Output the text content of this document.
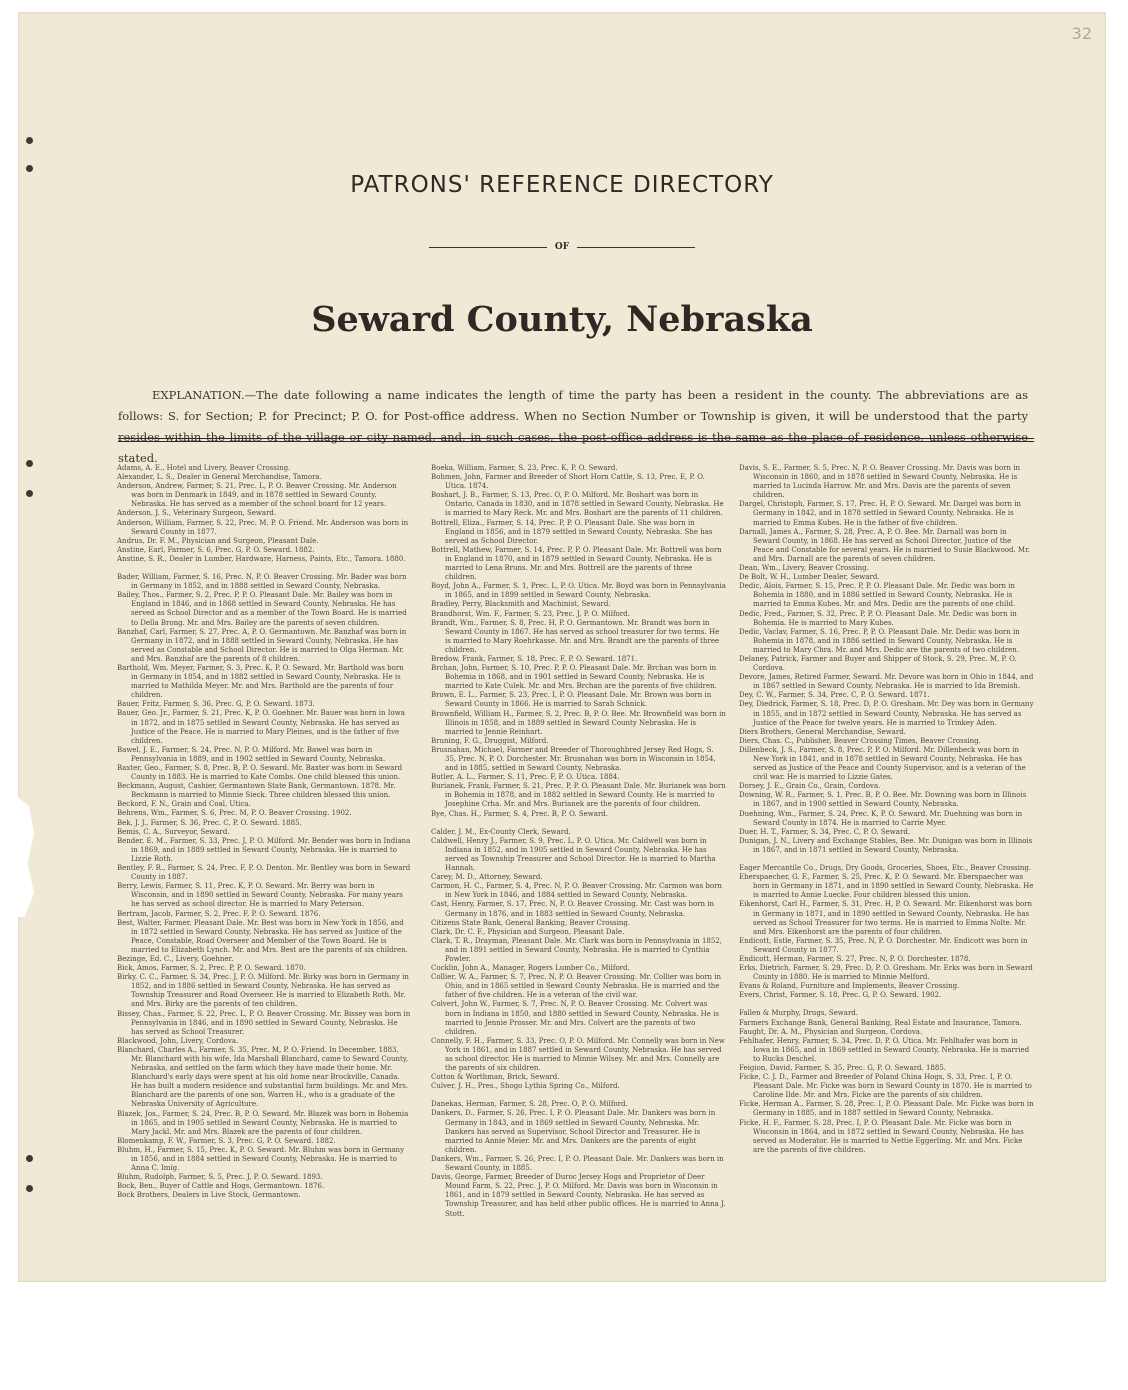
32
PATRONS' REFERENCE DIRECTORY
OF
Seward County, Nebraska
EXPLANATION.—The date following a name indicates the length of time the party has been a resident in the county. The abbreviations are as follows: S. for Section; P. for Precinct; P. O. for Post-office address. When no Section Number or Township is given, it will be understood that the party resides within the limits of the village or city named, and, in such cases, the post-office address is the same as the place of residence, unless otherwise stated.

Adams, A. E., Hotel and Livery, Beaver Crossing.

Alexander, L. S., Dealer in General Merchandise, Tamora.

Anderson, Andrew, Farmer, S. 21, Prec. L, P. O. Beaver Crossing. Mr. Anderson was born in Denmark in 1849, and in 1878 settled in Seward County, Nebraska. He has served as a member of the school board for 12 years.

Anderson, J. S., Veterinary Surgeon, Seward.

Anderson, William, Farmer, S. 22, Prec. M, P. O. Friend. Mr. Anderson was born in Seward County in 1877.

Andrus, Dr. F. M., Physician and Surgeon, Pleasant Dale.

Anstine, Earl, Farmer, S. 6, Prec. G, P. O. Seward. 1882.

Anstine, S. R., Dealer in Lumber, Hardware, Harness, Paints, Etc., Tamora. 1880.

Bader, William, Farmer, S. 16, Prec. N, P. O. Beaver Crossing. Mr. Bader was born in Germany in 1852, and in 1888 settled in Seward County, Nebraska.

Bailey, Thos., Farmer, S. 2, Prec. P, P. O. Pleasant Dale. Mr. Bailey was born in England in 1846, and in 1868 settled in Seward County, Nebraska. He has served as School Director and as a member of the Town Board. He is married to Della Brong. Mr. and Mrs. Bailey are the parents of seven children.

Banzhaf, Carl, Farmer, S. 27, Prec. A, P. O. Germantown. Mr. Banzhaf was born in Germany in 1872, and in 1888 settled in Seward County, Nebraska. He has served as Constable and School Director. He is married to Olga Herman. Mr. and Mrs. Banzhaf are the parents of 8 children.

Barthold, Wm. Meyer, Farmer, S. 3, Prec. K, P. O. Seward. Mr. Barthold was born in Germany in 1854, and in 1882 settled in Seward County, Nebraska. He is married to Mathilda Meyer. Mr. and Mrs. Barthold are the parents of four children.

Bauer, Fritz, Farmer, S. 36, Prec. G, P. O. Seward. 1873.

Bauer, Geo. Jr., Farmer, S. 21, Prec. K, P. O. Goehner. Mr. Bauer was born in Iowa in 1872, and in 1875 settled in Seward County, Nebraska. He has served as Justice of the Peace. He is married to Mary Pleines, and is the father of five children.

Bawel, J. E., Farmer, S. 24, Prec. N, P. O. Milford. Mr. Bawel was born in Pennsylvania in 1889, and in 1902 settled in Seward County, Nebraska.

Baxter, Geo., Farmer, S. 8, Prec. B, P. O. Seward. Mr. Baxter was born in Seward County in 1883. He is married to Kate Combs. One child blessed this union.

Beckmann, August, Cashier, Germantown State Bank, Germantown. 1878. Mr. Beckmann is married to Minnie Sieck. Three children blessed this union.

Beckord, F. N., Grain and Coal, Utica.

Behrens, Wm., Farmer, S. 6, Prec. M, P. O. Beaver Crossing. 1902.

Bek, J. J., Farmer, S. 36, Prec. C, P. O. Seward. 1885.

Bemis, C. A., Surveyor, Seward.

Bender, E. M., Farmer, S. 33, Prec. J, P. O. Milford. Mr. Bender was born in Indiana in 1869, and in 1889 settled in Seward County, Nebraska. He is married to Lizzie Roth.

Bentley, F. R., Farmer, S. 24, Prec. F, P. O. Denton. Mr. Bentley was born in Seward County in 1887.

Berry, Lewis, Farmer, S. 11, Prec. K, P. O. Seward. Mr. Berry was born in Wisconsin, and in 1890 settled in Seward County, Nebraska. For many years he has served as school director. He is married to Mary Peterson.

Bertram, Jacob, Farmer, S. 2, Prec. F, P. O. Seward. 1876.

Best, Walter, Farmer, Pleasant Dale. Mr. Best was born in New York in 1856, and in 1872 settled in Seward County, Nebraska. He has served as Justice of the Peace, Constable, Road Overseer and Member of the Town Board. He is married to Elizabeth Lynch. Mr. and Mrs. Best are the parents of six children.

Bezinge, Ed. C., Livery, Goehner.

Bick, Amos, Farmer, S. 2, Prec. P, P. O. Seward. 1870.

Birky, C. C., Farmer, S. 34, Prec. J, P. O. Milford. Mr. Birky was born in Germany in 1852, and in 1886 settled in Seward County, Nebraska. He has served as Township Treasurer and Road Overseer. He is married to Elizabeth Roth. Mr. and Mrs. Birky are the parents of ten children.

Bissey, Chas., Farmer, S. 22, Prec. L, P. O. Beaver Crossing. Mr. Bissey was born in Pennsylvania in 1846, and in 1890 settled in Seward County, Nebraska. He has served as School Treasurer.

Blackwood, John, Livery, Cordova.

Blanchard, Charles A., Farmer, S. 35, Prec. M, P. O. Friend. In December, 1883, Mr. Blanchard with his wife, Ida Marshall Blanchard, came to Seward County, Nebraska, and settled on the farm which they have made their home. Mr. Blanchard's early days were spent at his old home near Brockville, Canada. He has built a modern residence and substantial farm buildings. Mr. and Mrs. Blanchard are the parents of one son, Warren H., who is a graduate of the Nebraska University of Agriculture.

Blazek, Jos., Farmer, S. 24, Prec. B, P. O. Seward. Mr. Blazek was born in Bohemia in 1865, and in 1905 settled in Seward County, Nebraska. He is married to Mary Jackl. Mr. and Mrs. Blazek are the parents of four children.

Blomenkamp, F. W., Farmer, S. 3, Prec. G, P. O. Seward. 1882.

Bluhm, H., Farmer, S. 15, Prec. K, P. O. Seward. Mr. Bluhm was born in Germany in 1856, and in 1884 settled in Seward County, Nebraska. He is married to Anna C. Imig.

Bluhm, Rudolph, Farmer, S. 5, Prec. J, P. O. Seward. 1893.

Bock, Ben., Buyer of Cattle and Hogs, Germantown. 1876.

Bock Brothers, Dealers in Live Stock, Germantown.

Boeka, William, Farmer, S. 23, Prec. K, P. O. Seward.

Bohmen, John, Farmer and Breeder of Short Horn Cattle, S. 13, Prec. E, P. O. Utica. 1874.

Boshart, J. B., Farmer, S. 13, Prec. O, P. O. Milford. Mr. Boshart was born in Ontario, Canada in 1830, and in 1878 settled in Seward County, Nebraska. He is married to Mary Reck. Mr. and Mrs. Boshart are the parents of 11 children.

Bottrell, Eliza., Farmer, S. 14, Prec. P, P. O. Pleasant Dale. She was born in England in 1856, and in 1879 settled in Seward County, Nebraska. She has served as School Director.

Bottrell, Mathew, Farmer, S. 14, Prec. P, P. O. Pleasant Dale. Mr. Bottrell was born in England in 1870, and in 1879 settled in Seward County, Nebraska. He is married to Lena Bruns. Mr. and Mrs. Bottrell are the parents of three children.

Boyd, John A., Farmer, S. 1, Prec. L, P. O. Utica. Mr. Boyd was born in Pennsylvania in 1865, and in 1899 settled in Seward County, Nebraska.

Bradley, Perry, Blacksmith and Machinist, Seward.

Brandhorst, Wm. F., Farmer, S. 23, Prec. J, P. O. Milford.

Brandt, Wm., Farmer, S. 8, Prec. H, P. O. Germantown. Mr. Brandt was born in Seward County in 1867. He has served as school treasurer for two terms. He is married to Mary Roehrkasse. Mr. and Mrs. Brandt are the parents of three children.

Bredow, Frank, Farmer, S. 18, Prec. F, P. O. Seward. 1871.

Brchan, John, Farmer, S. 10, Prec. P, P. O. Pleasant Dale. Mr. Brchan was born in Bohemia in 1868, and in 1901 settled in Seward County, Nebraska. He is married to Kate Culek. Mr. and Mrs. Brchan are the parents of five children.

Brown, E. L., Farmer, S. 23, Prec. I, P. O. Pleasant Dale. Mr. Brown was born in Seward County in 1866. He is married to Sarah Schnick.

Brownfield, William H., Farmer, S. 2, Prec. B, P. O. Bee. Mr. Brownfield was born in Illinois in 1858, and in 1889 settled in Seward County Nebraska. He is married to Jennie Reinhart.

Bruning, F. G., Druggist, Milford.

Brusnahan, Michael, Farmer and Breeder of Thoroughbred Jersey Red Hogs, S. 35, Prec. N, P. O. Dorchester. Mr. Brusnahan was born in Wisconsin in 1854, and in 1885, settled in Seward County, Nebraska.

Butler, A. L., Farmer, S. 11, Prec. F, P. O. Utica. 1884.

Burianek, Frank, Farmer, S. 21, Prec. P, P. O. Pleasant Dale. Mr. Burianek was born in Bohemia in 1878, and in 1882 settled in Seward County. He is married to Josephine Crha. Mr. and Mrs. Burianek are the parents of four children.

Bye, Chas. H., Farmer, S. 4, Prec. B, P. O. Seward.

Calder, J. M., Ex-County Clerk, Seward.

Caldwell, Henry J., Farmer, S. 9, Prec. L, P. O. Utica. Mr. Caldwell was born in Indiana in 1852, and in 1905 settled in Seward County, Nebraska. He has served as Township Treasurer and School Director. He is married to Martha Hannah.

Carey, M. D., Attorney, Seward.

Carmon, H. C., Farmer, S. 4, Prec. N, P. O. Beaver Crossing. Mr. Carmon was born in New York in 1846, and 1884 settled in Seward County, Nebraska.

Cast, Henry, Farmer, S. 17, Prec. N, P. O. Beaver Crossing. Mr. Cast was born in Germany in 1876, and in 1883 settled in Seward County, Nebraska.

Citizens State Bank, General Banking, Beaver Crossing.

Clark, Dr. C. F., Physician and Surgeon, Pleasant Dale.

Clark, T. R., Drayman, Pleasant Dale. Mr. Clark was born in Pennsylvania in 1852, and in 1891 settled in Seward County, Nebraska. He is married to Cynthia Powler.

Cocklin, John A., Manager, Rogers Lumber Co., Milford.

Collier, W. A., Farmer, S. 7, Prec. N, P. O. Beaver Crossing. Mr. Collier was born in Ohio, and in 1865 settled in Seward County Nebraska. He is married and the father of five children. He is a veteran of the civil war.

Colvert, John W., Farmer, S. 7, Prec. N, P. O. Beaver Crossing. Mr. Colvert was born in Indiana in 1850, and 1880 settled in Seward County, Nebraska. He is married to Jennie Prosser. Mr. and Mrs. Colvert are the parents of two children.

Connelly, F. H., Farmer, S. 33, Prec. O, P. O. Milford. Mr. Connelly was born in New York in 1861, and in 1887 settled in Seward County, Nebraska. He has served as school director. He is married to Minnie Wilsey. Mr. and Mrs. Connelly are the parents of six children.

Cotton & Worthman, Brick, Seward.

Culver, J. H., Pres., Shogo Lythia Spring Co., Milford.

Danekas, Herman, Farmer, S. 28, Prec. O, P. O. Milford.

Dankers, D., Farmer, S. 26, Prec. I, P. O. Pleasant Dale. Mr. Dankers was born in Germany in 1843, and in 1869 settled in Seward County, Nebraska. Mr. Dankers has served as Supervisor, School Director and Treasurer. He is married to Annie Meier. Mr. and Mrs. Dankers are the parents of eight children.

Dankers, Wm., Farmer, S. 26, Prec. I, P. O. Pleasant Dale. Mr. Dankers was born in Seward County, in 1885.

Davis, George, Farmer, Breeder of Duroc Jersey Hogs and Proprietor of Deer Mound Farm, S. 22, Prec. J, P. O. Milford. Mr. Davis was born in Wisconsin in 1861, and in 1879 settled in Seward County, Nebraska. He has served as Township Treasurer, and has held other public offices. He is married to Anna J. Stott.

Davis, S. E., Farmer, S. 5, Prec. N, P. O. Beaver Crossing. Mr. Davis was born in Wisconsin in 1860, and in 1878 settled in Seward County, Nebraska. He is married to Lucinda Harrow. Mr. and Mrs. Davis are the parents of seven children.

Dargel, Christoph, Farmer, S. 17, Prec. H, P. O. Seward. Mr. Dargel was born in Germany in 1842, and in 1878 settled in Seward County, Nebraska. He is married to Emma Kubes. He is the father of five children.

Darnall, James A., Farmer, S. 28, Prec. A, P. O. Bee. Mr. Darnall was born in Seward County, in 1868. He has served as School Director, Justice of the Peace and Constable for several years. He is married to Susie Blackwood. Mr. and Mrs. Darnall are the parents of seven children.

Dean, Wm., Livery, Beaver Crossing.

De Bolt, W. H., Lumber Dealer, Seward.

Dedic, Alois, Farmer, S. 15, Prec. P, P. O. Pleasant Dale. Mr. Dedic was born in Bohemia in 1880, and in 1886 settled in Seward County, Nebraska. He is married to Emma Kubes. Mr. and Mrs. Dedic are the parents of one child.

Dedic, Fred., Farmer, S. 32, Prec. P, P. O. Pleasant Dale. Mr. Dedic was born in Bohemia. He is married to Mary Kubes.

Dedic, Vaclav, Farmer, S. 16, Prec. P, P. O. Pleasant Dale. Mr. Dedic was born in Bohemia in 1878, and in 1886 settled in Seward County, Nebraska. He is married to Mary Chra. Mr. and Mrs. Dedic are the parents of two children.

Delaney, Patrick, Farmer and Buyer and Shipper of Stock, S. 29, Prec. M, P. O. Cordova.

Devore, James, Retired Farmer, Seward. Mr. Devore was born in Ohio in 1844, and in 1867 settled in Seward County, Nebraska. He is married to Ida Bremish.

Dey, C. W., Farmer, S. 34, Prec. C, P. O. Seward. 1871.

Dey, Diedrick, Farmer, S. 18, Prec. D, P. O. Gresham. Mr. Dey was born in Germany in 1855, and in 1872 settled in Seward County, Nebraska. He has served as Justice of the Peace for twelve years. He is married to Trinkey Aden.

Diers Brothers, General Merchandise, Seward.

Diers, Chas. C., Publisher, Beaver Crossing Times, Beaver Crossing.

Dillenbeck, J. S., Farmer, S. 8, Prec. P, P. O. Milford. Mr. Dillenbeck was born in New York in 1841, and in 1878 settled in Seward County, Nebraska. He has served as Justice of the Peace and County Supervisor, and is a veteran of the civil war. He is married to Lizzie Gates.

Dorsey, J. E., Grain Co., Grain, Cordova.

Downing, W. R., Farmer, S. 1, Prec. B, P. O. Bee. Mr. Downing was born in Illinois in 1867, and in 1900 settled in Seward County, Nebraska.

Duehning, Wm., Farmer, S. 24, Prec. K, P. O. Seward. Mr. Duehning was born in Seward County in 1874. He is married to Carrie Myer.

Duer, H. T., Farmer, S. 34, Prec. C, P. O. Seward.

Dunigan, J. N., Livery and Exchange Stables, Bee. Mr. Dunigan was born in Illinois in 1867, and in 1871 settled in Seward County, Nebraska.

Eager Mercantile Co., Drugs, Dry Goods, Groceries, Shoes, Etc., Beaver Crossing.

Eberspaecher, G. F., Farmer, S. 25, Prec. K, P. O. Seward. Mr. Eberspaecher was born in Germany in 1871, and in 1890 settled in Seward County, Nebraska. He is married to Annie Luecke. Four children blessed this union.

Eikenhorst, Carl H., Farmer, S. 31, Prec. H, P. O. Seward. Mr. Eikenhorst was born in Germany in 1871, and in 1890 settled in Seward County, Nebraska. He has served as School Treasurer for two terms. He is married to Emma Nolte. Mr. and Mrs. Eikenhorst are the parents of four children.

Endicott, Estle, Farmer, S. 35, Prec. N, P. O. Dorchester. Mr. Endicott was born in Seward County in 1877.

Endicott, Herman, Farmer, S. 27, Prec. N, P. O. Dorchester. 1878.

Erks, Dietrich, Farmer, S. 29, Prec. D, P. O. Gresham. Mr. Erks was born in Seward County in 1880. He is married to Minnie Melford.

Evans & Roland, Furniture and Implements, Beaver Crossing.

Evers, Christ, Farmer, S. 18, Prec. G, P. O. Seward. 1902.

Fallen & Murphy, Drugs, Seward.

Farmers Exchange Bank, General Banking, Real Estate and Insurance, Tamora.

Faught, Dr. A. M., Physician and Surgeon, Cordova.

Fehlhafer, Henry, Farmer, S. 34, Prec. D, P. O. Utica. Mr. Fehlhafer was born in Iowa in 1865, and in 1869 settled in Seward County, Nebraska. He is married to Rucks Deschel.

Feigion, David, Farmer, S. 35, Prec. G, P. O. Seward. 1885.

Ficke, C. J. D., Farmer and Breeder of Poland China Hogs, S. 33, Prec. I, P. O. Pleasant Dale. Mr. Ficke was born in Seward County in 1870. He is married to Caroline Ilde. Mr. and Mrs. Ficke are the parents of six children.

Ficke, Herman A., Farmer, S. 28, Prec. I, P. O. Pleasant Dale. Mr. Ficke was born in Germany in 1885, and in 1887 settled in Seward County, Nebraska.

Ficke, H. F., Farmer, S. 28, Prec. I, P. O. Pleasant Dale. Mr. Ficke was born in Wisconsin in 1864, and in 1872 settled in Seward County, Nebraska. He has served as Moderator. He is married to Nettie Eggerling. Mr. and Mrs. Ficke are the parents of five children.
